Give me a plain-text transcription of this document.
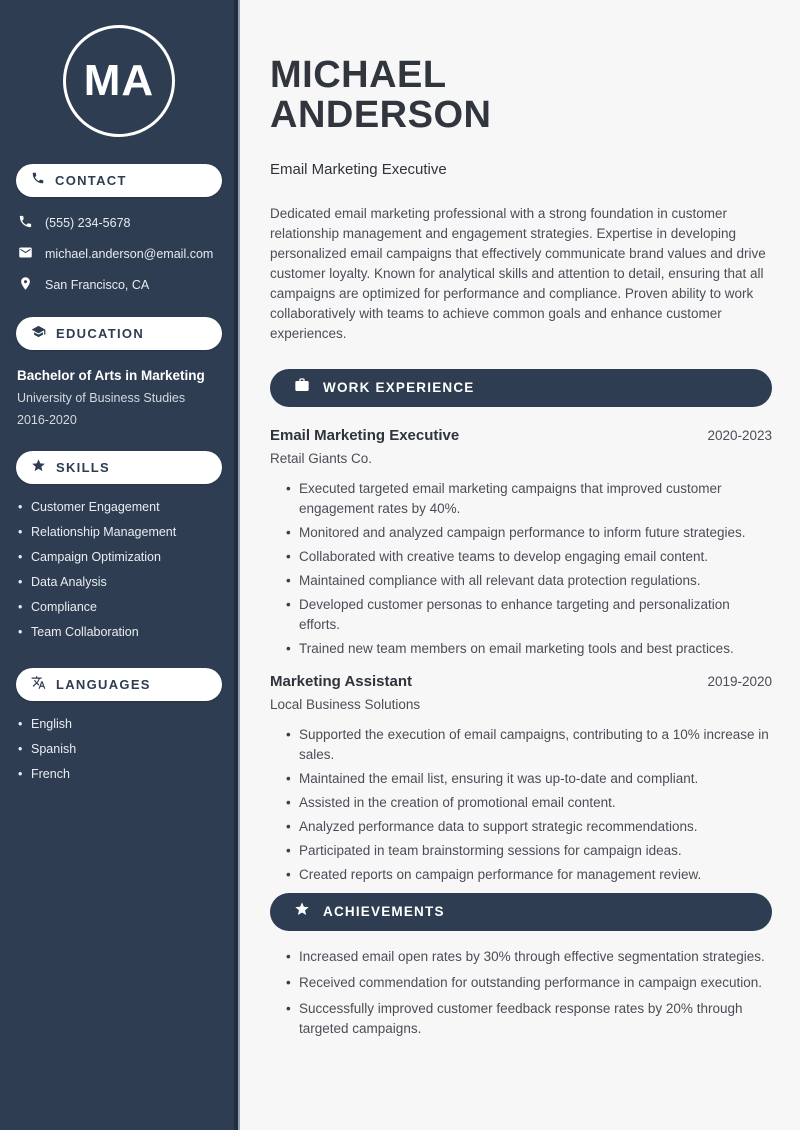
MA
CONTACT
(555) 234-5678
michael.anderson@email.com
San Francisco, CA
EDUCATION
Bachelor of Arts in Marketing
University of Business Studies
2016-2020
SKILLS
• Customer Engagement
• Relationship Management
• Campaign Optimization
• Data Analysis
• Compliance
• Team Collaboration
LANGUAGES
• English
• Spanish
• French
MICHAEL
ANDERSON
Email Marketing Executive

Dedicated email marketing professional with a strong foundation in customer relationship management and engagement strategies. Expertise in developing personalized email campaigns that effectively communicate brand values and drive customer loyalty. Known for analytical skills and attention to detail, ensuring that all campaigns are optimized for performance and compliance. Proven ability to work collaboratively with teams to achieve common goals and enhance customer experiences.

WORK EXPERIENCE
Email Marketing Executive	2020-2023
Retail Giants Co.
• Executed targeted email marketing campaigns that improved customer engagement rates by 40%.
• Monitored and analyzed campaign performance to inform future strategies.
• Collaborated with creative teams to develop engaging email content.
• Maintained compliance with all relevant data protection regulations.
• Developed customer personas to enhance targeting and personalization efforts.
• Trained new team members on email marketing tools and best practices.
Marketing Assistant	2019-2020
Local Business Solutions
• Supported the execution of email campaigns, contributing to a 10% increase in sales.
• Maintained the email list, ensuring it was up-to-date and compliant.
• Assisted in the creation of promotional email content.
• Analyzed performance data to support strategic recommendations.
• Participated in team brainstorming sessions for campaign ideas.
• Created reports on campaign performance for management review.
ACHIEVEMENTS
• Increased email open rates by 30% through effective segmentation strategies.
• Received commendation for outstanding performance in campaign execution.
• Successfully improved customer feedback response rates by 20% through targeted campaigns.
